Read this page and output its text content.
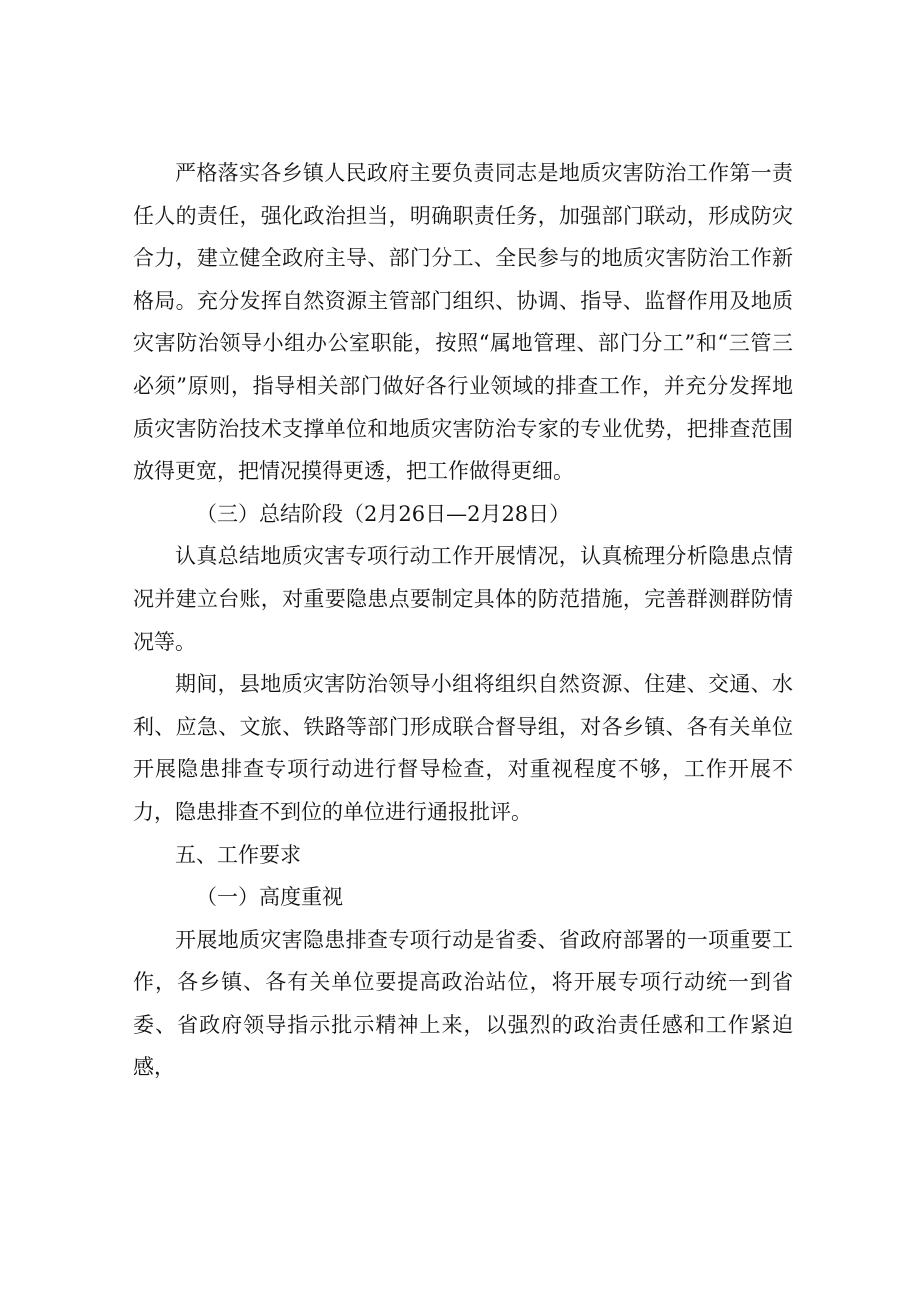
严格落实各乡镇人民政府主要负责同志是地质灾害防治工作第一责任人的责任，强化政治担当，明确职责任务，加强部门联动，形成防灾合力，建立健全政府主导、部门分工、全民参与的地质灾害防治工作新格局。充分发挥自然资源主管部门组织、协调、指导、监督作用及地质灾害防治领导小组办公室职能，按照“属地管理、部门分工”和“三管三必须”原则，指导相关部门做好各行业领域的排查工作，并充分发挥地质灾害防治技术支撑单位和地质灾害防治专家的专业优势，把排查范围放得更宽，把情况摸得更透，把工作做得更细。

（三）总结阶段（2月26日—2月28日）

认真总结地质灾害专项行动工作开展情况，认真梳理分析隐患点情况并建立台账，对重要隐患点要制定具体的防范措施，完善群测群防情况等。

期间，县地质灾害防治领导小组将组织自然资源、住建、交通、水利、应急、文旅、铁路等部门形成联合督导组，对各乡镇、各有关单位开展隐患排查专项行动进行督导检查，对重视程度不够，工作开展不力，隐患排查不到位的单位进行通报批评。

五、工作要求

（一）高度重视

开展地质灾害隐患排查专项行动是省委、省政府部署的一项重要工作，各乡镇、各有关单位要提高政治站位，将开展专项行动统一到省委、省政府领导指示批示精神上来，以强烈的政治责任感和工作紧迫感，
